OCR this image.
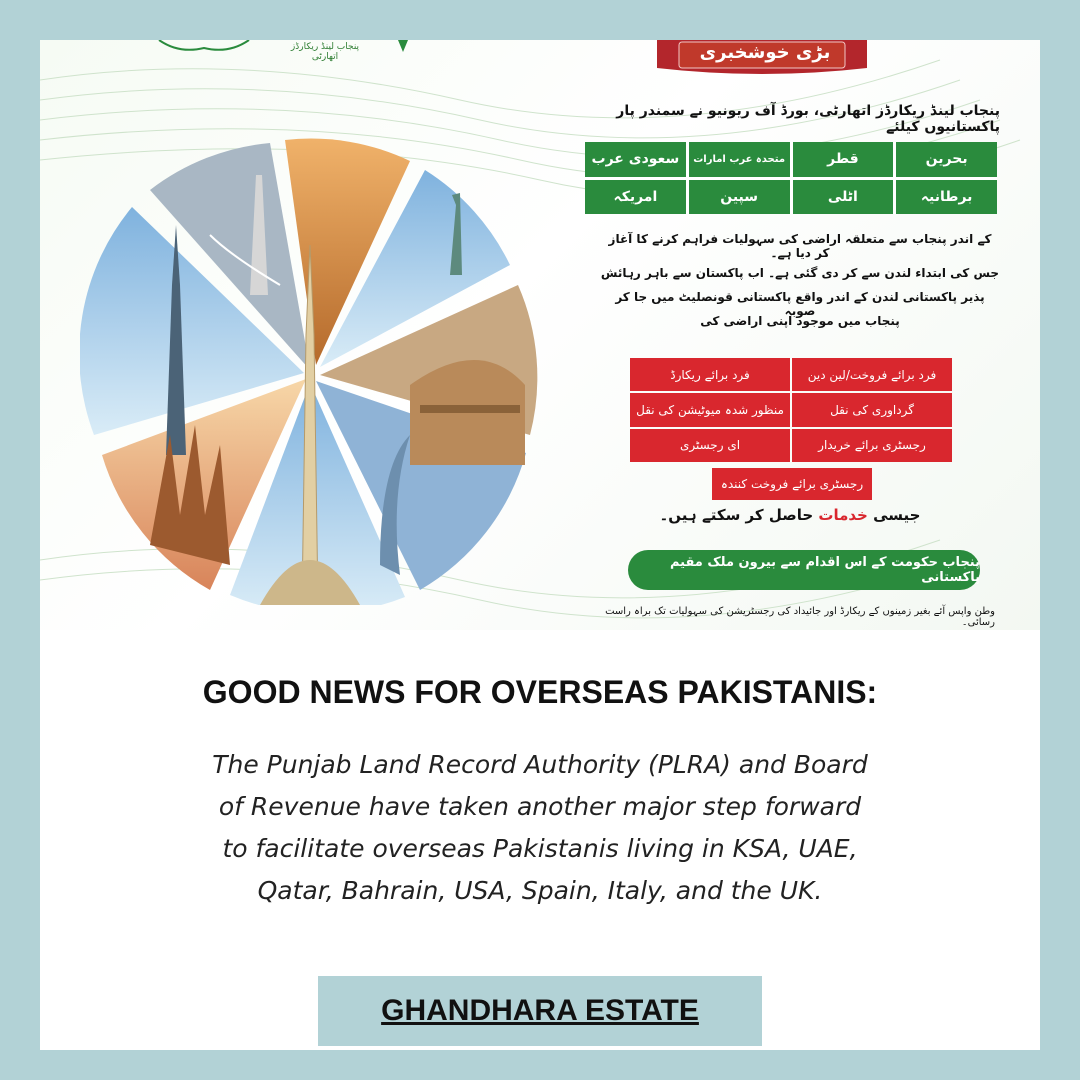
پنجاب لینڈ ریکارڈز اتھارٹی	بڑی خوشخبری
پنجاب لینڈ ریکارڈز اتھارٹی، بورڈ آف ریونیو نے سمندر پار پاکستانیوں کیلئے
سعودی عرب	متحدہ عرب امارات	قطر	بحرین
امریکہ	سپین	اٹلی	برطانیہ
کے اندر پنجاب سے متعلقہ اراضی کی سہولیات فراہم کرنے کا آغاز کر دیا ہے۔
جس کی ابتداء لندن سے کر دی گئی ہے۔ اب پاکستان سے باہر رہائش
پذیر پاکستانی لندن کے اندر واقع پاکستانی قونصلیٹ میں جا کر صوبہ
پنجاب میں موجود اپنی اراضی کی
فرد برائے ریکارڈ	فرد برائے فروخت/لین دین
منظور شدہ میوٹیشن کی نقل	گرداوری کی نقل
ای رجسٹری	رجسٹری برائے خریدار
رجسٹری برائے فروخت کنندہ
جیسی خدمات حاصل کر سکتے ہیں۔
پنجاب حکومت کے اس اقدام سے بیرون ملک مقیم پاکستانی
وطن واپس آئے بغیر زمینوں کے ریکارڈ اور جائیداد کی رجسٹریشن کی سہولیات تک براہ راست رسائی۔
GOOD NEWS FOR OVERSEAS PAKISTANIS:
The Punjab Land Record Authority (PLRA) and Board
of Revenue have taken another major step forward
to facilitate overseas Pakistanis living in KSA, UAE,
Qatar, Bahrain, USA, Spain, Italy, and the UK.
GHANDHARA ESTATE
